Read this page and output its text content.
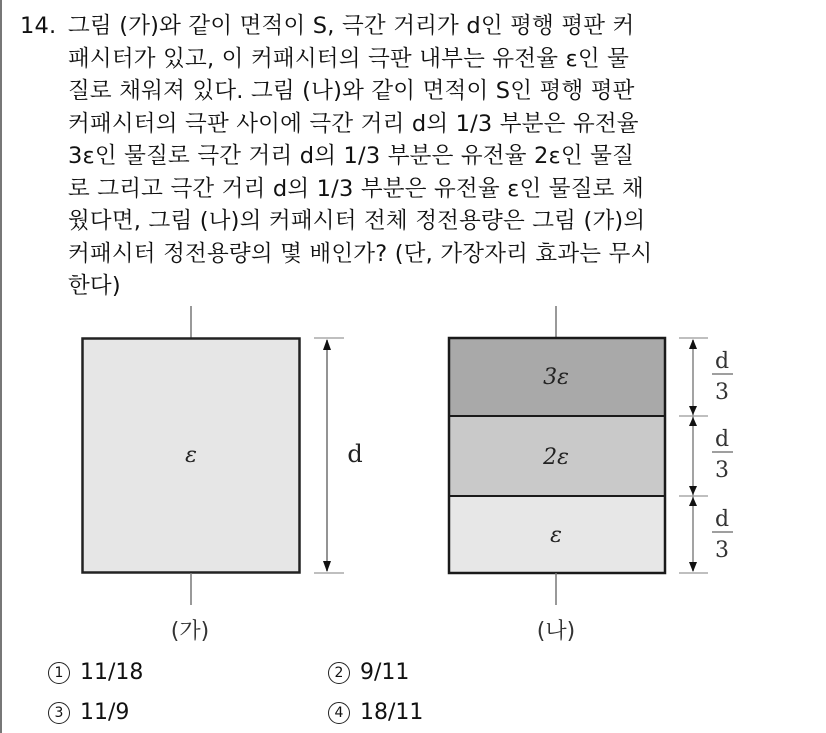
14. 그림 (가)와 같이 면적이 S, 극간 거리가 d인 평행 평판 커
패시터가 있고, 이 커패시터의 극판 내부는 유전율 ε인 물
질로 채워져 있다. 그림 (나)와 같이 면적이 S인 평행 평판
커패시터의 극판 사이에 극간 거리 d의 1/3 부분은 유전율
3ε인 물질로 극간 거리 d의 1/3 부분은 유전율 2ε인 물질
로 그리고 극간 거리 d의 1/3 부분은 유전율 ε인 물질로 채
웠다면, 그림 (나)의 커패시터 전체 정전용량은 그림 (가)의
커패시터 정전용량의 몇 배인가? (단, 가장자리 효과는 무시
한다)
ε	d
(가)
3ε
2ε
ε
d
3
d
3
d
3
(나)
1 11/18	2 9/11
3 11/9	4 18/11
